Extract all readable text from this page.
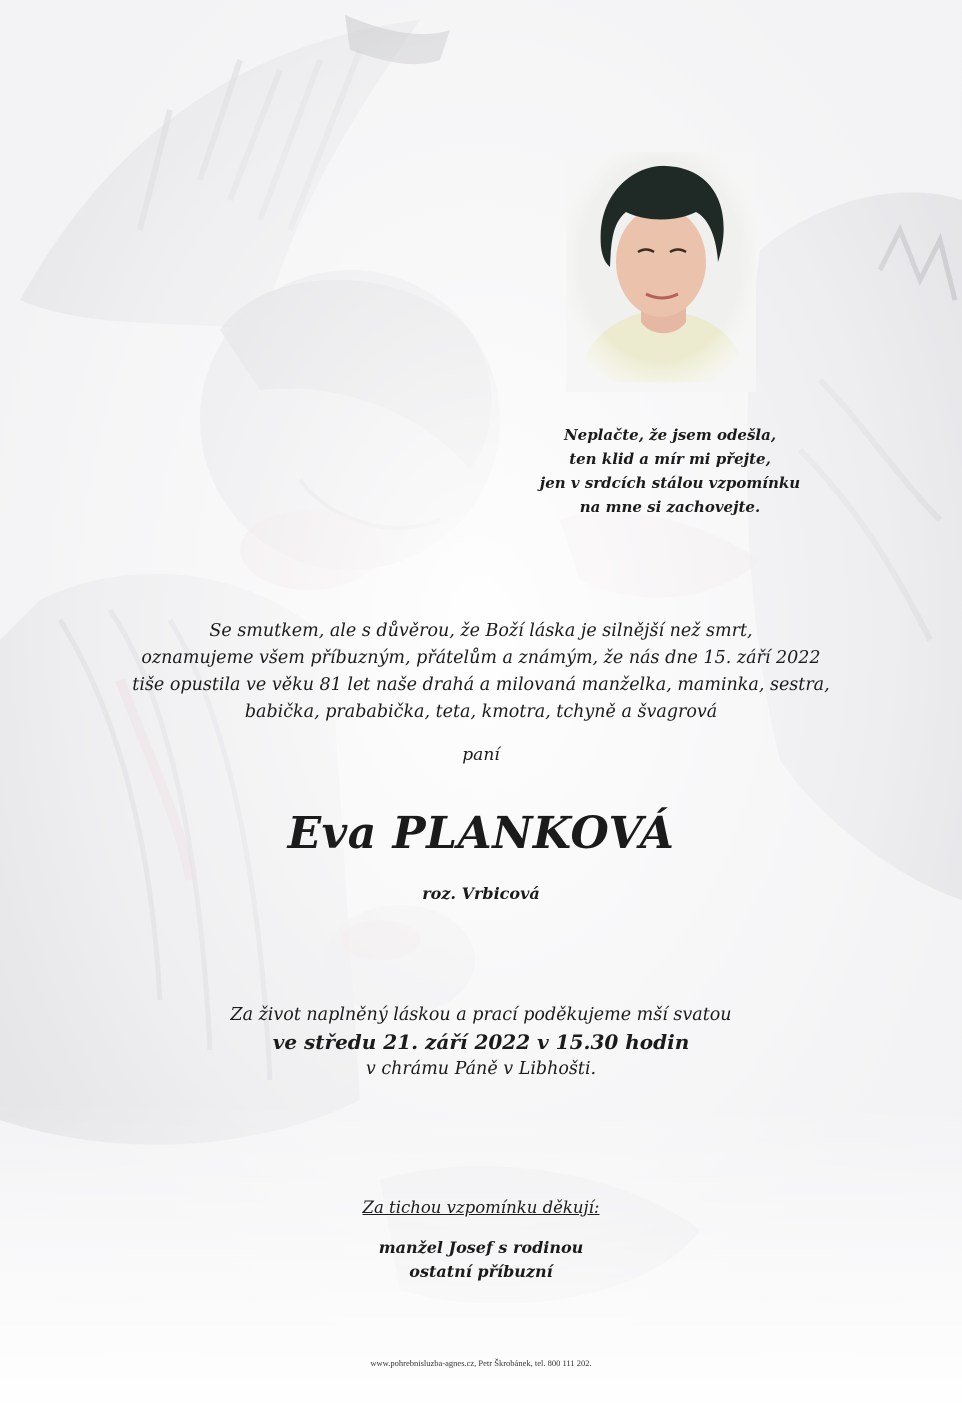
Neplačte, že jsem odešla,
ten klid a mír mi přejte,
jen v srdcích stálou vzpomínku
na mne si zachovejte.
Se smutkem, ale s důvěrou, že Boží láska je silnější než smrt,
oznamujeme všem příbuzným, přátelům a známým, že nás dne 15. září 2022
tiše opustila ve věku 81 let naše drahá a milovaná manželka, maminka, sestra,
babička, prababička, teta, kmotra, tchyně a švagrová
paní
Eva PLANKOVÁ
roz. Vrbicová
Za život naplněný láskou a prací poděkujeme mší svatou
ve středu 21. září 2022 v 15.30 hodin
v chrámu Páně v Libhošti.
Za tichou vzpomínku děkují:
manžel Josef s rodinou
ostatní příbuzní
www.pohrebnisluzba-agnes.cz, Petr Škrobánek, tel. 800 111 202.
